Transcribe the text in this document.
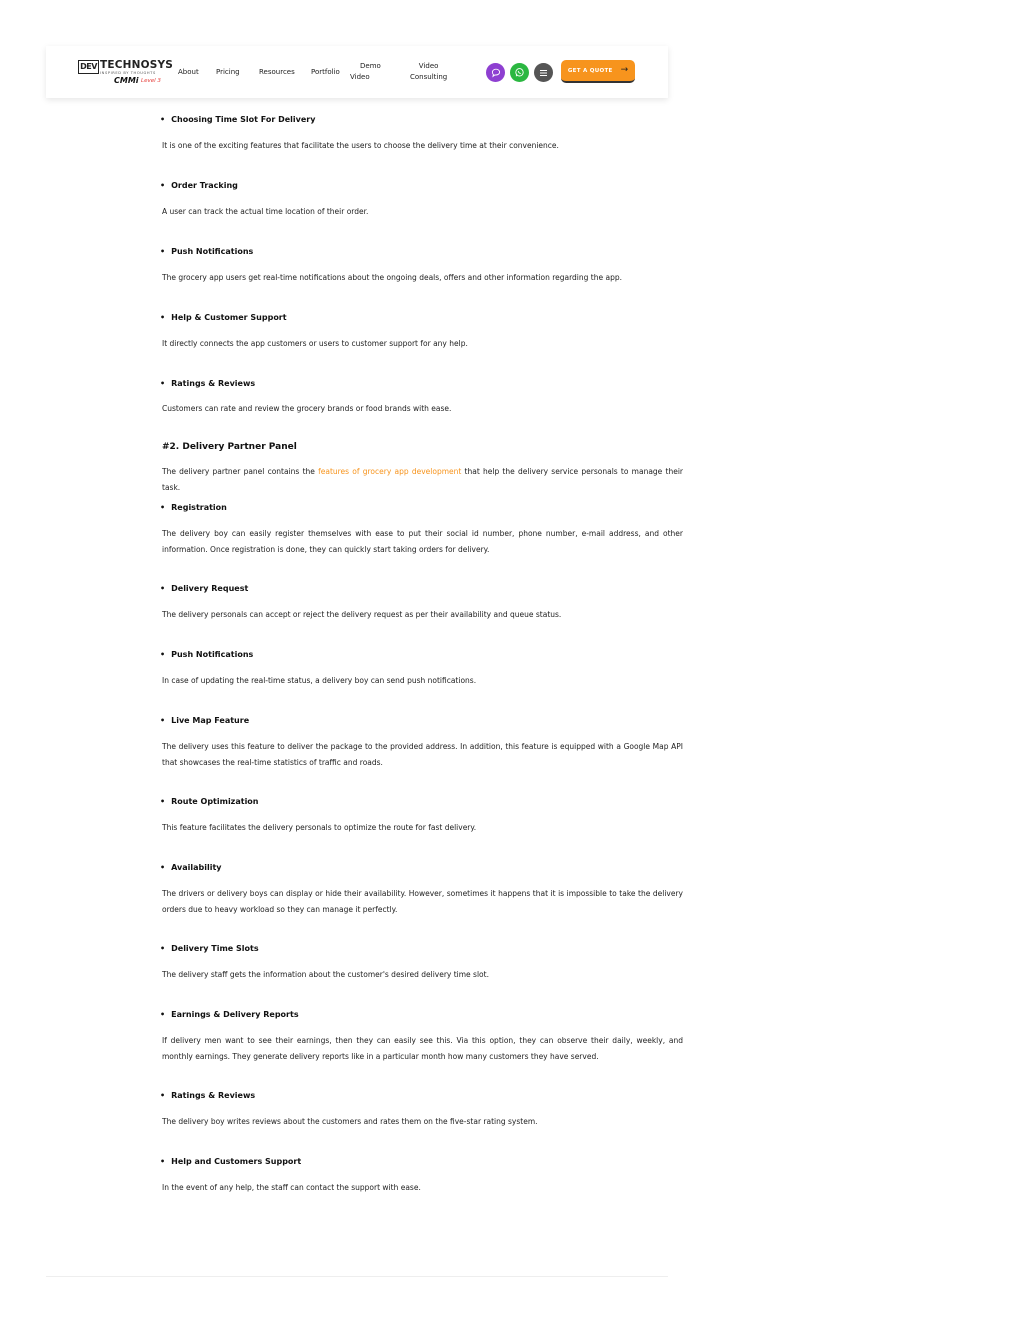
DEV TECHNOSYS
INSPIRED BY THOUGHTS
CMMi Level 3
About Pricing	Resources Portfolio
Demo
Video
Video
Consulting
GET A QUOTE →
• Choosing Time Slot For Delivery
It is one of the exciting features that facilitate the users to choose the delivery time at their convenience.
• Order Tracking
A user can track the actual time location of their order.
• Push Notifications
The grocery app users get real-time notifications about the ongoing deals, offers and other information regarding the app.
• Help & Customer Support
It directly connects the app customers or users to customer support for any help.
• Ratings & Reviews
Customers can rate and review the grocery brands or food brands with ease.
#2. Delivery Partner Panel
The delivery partner panel contains the features of grocery app development that help the delivery service personals to manage their task.
• Registration
The delivery boy can easily register themselves with ease to put their social id number, phone number, e-mail address, and other information. Once registration is done, they can quickly start taking orders for delivery.
• Delivery Request
The delivery personals can accept or reject the delivery request as per their availability and queue status.
• Push Notifications
In case of updating the real-time status, a delivery boy can send push notifications.
• Live Map Feature
The delivery uses this feature to deliver the package to the provided address. In addition, this feature is equipped with a Google Map API that showcases the real-time statistics of traffic and roads.
• Route Optimization
This feature facilitates the delivery personals to optimize the route for fast delivery.
• Availability
The drivers or delivery boys can display or hide their availability. However, sometimes it happens that it is impossible to take the delivery orders due to heavy workload so they can manage it perfectly.
• Delivery Time Slots
The delivery staff gets the information about the customer's desired delivery time slot.
• Earnings & Delivery Reports
If delivery men want to see their earnings, then they can easily see this. Via this option, they can observe their daily, weekly, and monthly earnings. They generate delivery reports like in a particular month how many customers they have served.
• Ratings & Reviews
The delivery boy writes reviews about the customers and rates them on the five-star rating system.
• Help and Customers Support
In the event of any help, the staff can contact the support with ease.
